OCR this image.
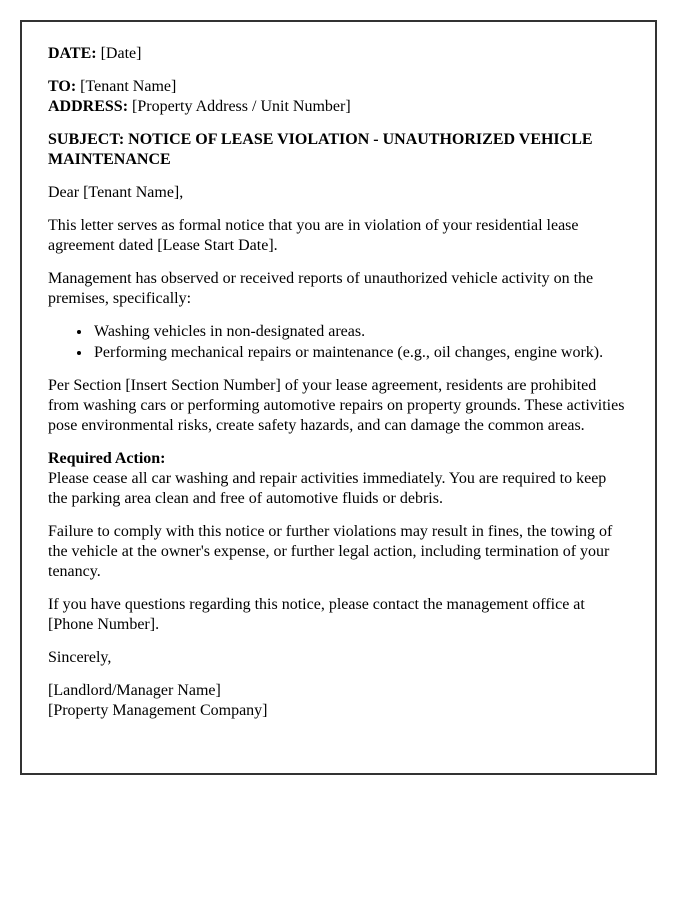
DATE: [Date]

TO: [Tenant Name]
ADDRESS: [Property Address / Unit Number]

SUBJECT: NOTICE OF LEASE VIOLATION - UNAUTHORIZED VEHICLE MAINTENANCE

Dear [Tenant Name],

This letter serves as formal notice that you are in violation of your residential lease agreement dated [Lease Start Date].

Management has observed or received reports of unauthorized vehicle activity on the premises, specifically:

• Washing vehicles in non-designated areas.
• Performing mechanical repairs or maintenance (e.g., oil changes, engine work).

Per Section [Insert Section Number] of your lease agreement, residents are prohibited from washing cars or performing automotive repairs on property grounds. These activities pose environmental risks, create safety hazards, and can damage the common areas.

Required Action:
Please cease all car washing and repair activities immediately. You are required to keep the parking area clean and free of automotive fluids or debris.

Failure to comply with this notice or further violations may result in fines, the towing of the vehicle at the owner's expense, or further legal action, including termination of your tenancy.

If you have questions regarding this notice, please contact the management office at [Phone Number].

Sincerely,

[Landlord/Manager Name]
[Property Management Company]
